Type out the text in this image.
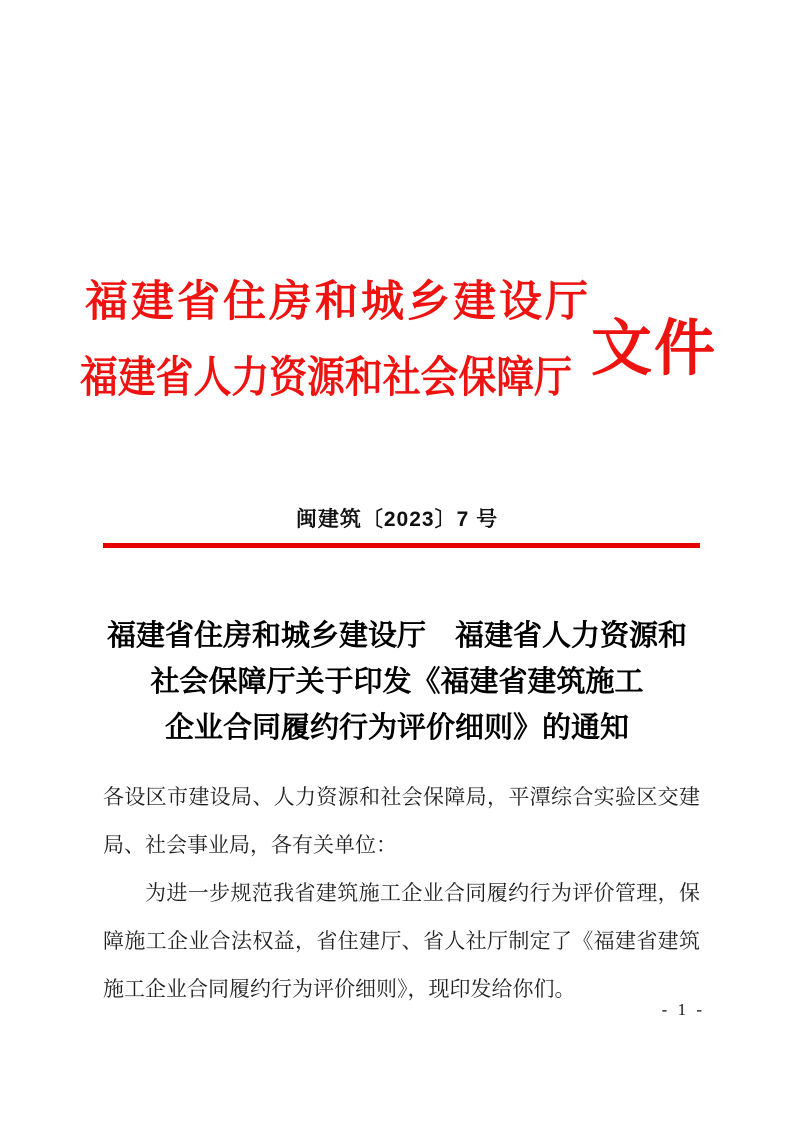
福建省住房和城乡建设厅
福建省人力资源和社会保障厅 文件
闽建筑〔2023〕7 号
福建省住房和城乡建设厅　福建省人力资源和
社会保障厅关于印发《福建省建筑施工
企业合同履约行为评价细则》的通知

各设区市建设局、人力资源和社会保障局，平潭综合实验区交建局、社会事业局，各有关单位：

为进一步规范我省建筑施工企业合同履约行为评价管理，保障施工企业合法权益，省住建厅、省人社厅制定了《福建省建筑施工企业合同履约行为评价细则》，现印发给你们。

- 1 -
